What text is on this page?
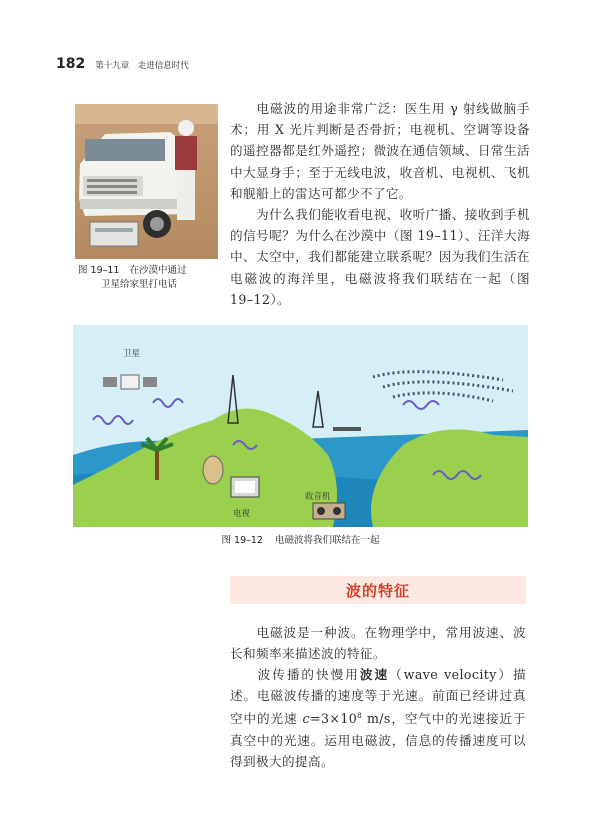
182 第十九章　走进信息时代
图 19–11 在沙漠中通过
卫星给家里打电话
电磁波的用途非常广泛：医生用 γ 射线做脑手术；用 X 光片判断是否骨折；电视机、空调等设备的遥控器都是红外遥控；微波在通信领域、日常生活中大显身手；至于无线电波，收音机、电视机、飞机和舰船上的雷达可都少不了它。
为什么我们能收看电视、收听广播、接收到手机的信号呢？为什么在沙漠中（图 19–11）、汪洋大海中、太空中，我们都能建立联系呢？因为我们生活在电磁波的海洋里，电磁波将我们联结在一起（图 19–12）。
卫星
电视
收音机
图 19–12 电磁波将我们联结在一起
波的特征
电磁波是一种波。在物理学中，常用波速、波长和频率来描述波的特征。
波传播的快慢用波速（wave velocity）描述。电磁波传播的速度等于光速。前面已经讲过真空中的光速 $c=3\times 10^8$ m/s，空气中的光速接近于真空中的光速。运用电磁波，信息的传播速度可以得到极大的提高。
